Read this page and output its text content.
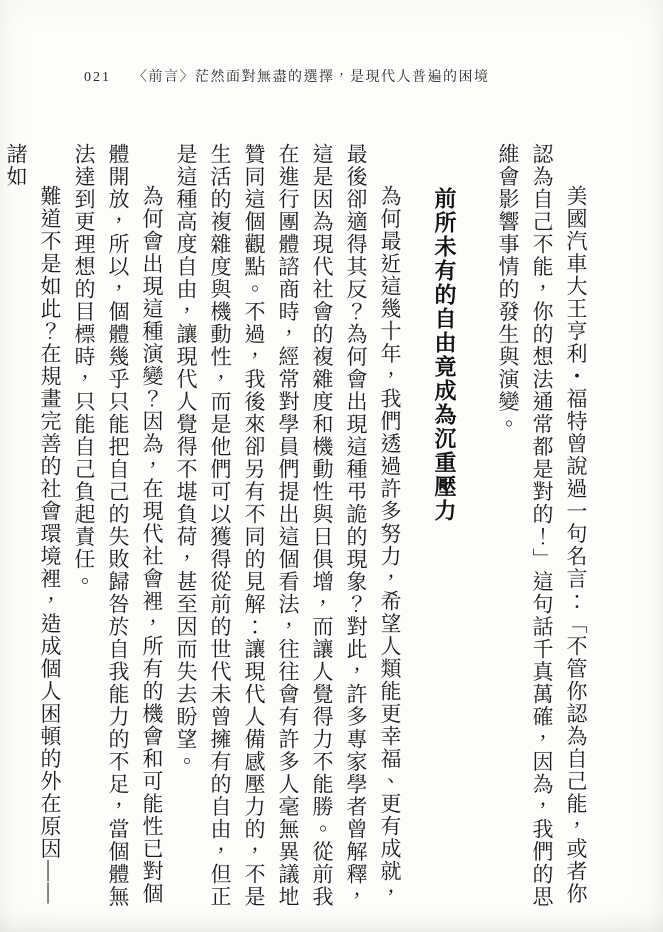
021 〈前言〉茫然面對無盡的選擇，是現代人普遍的困境

美國汽車大王亨利・福特曾說過一句名言：「不管你認為自己能，或者你認為自己不能，你的想法通常都是對的！」這句話千真萬確，因為，我們的思維會影響事情的發生與演變。

前所未有的自由竟成為沉重壓力

為何最近這幾十年，我們透過許多努力，希望人類能更幸福、更有成就，最後卻適得其反？為何會出現這種弔詭的現象？對此，許多專家學者曾解釋，這是因為現代社會的複雜度和機動性與日俱增，而讓人覺得力不能勝。從前我在進行團體諮商時，經常對學員們提出這個看法，往往會有許多人毫無異議地贊同這個觀點。不過，我後來卻另有不同的見解：讓現代人備感壓力的，不是生活的複雜度與機動性，而是他們可以獲得從前的世代未曾擁有的自由，但正是這種高度自由，讓現代人覺得不堪負荷，甚至因而失去盼望。

為何會出現這種演變？因為，在現代社會裡，所有的機會和可能性已對個體開放，所以，個體幾乎只能把自己的失敗歸咎於自我能力的不足，當個體無法達到更理想的目標時，只能自己負起責任。

難道不是如此？在規畫完善的社會環境裡，造成個人困頓的外在原因——諸如
